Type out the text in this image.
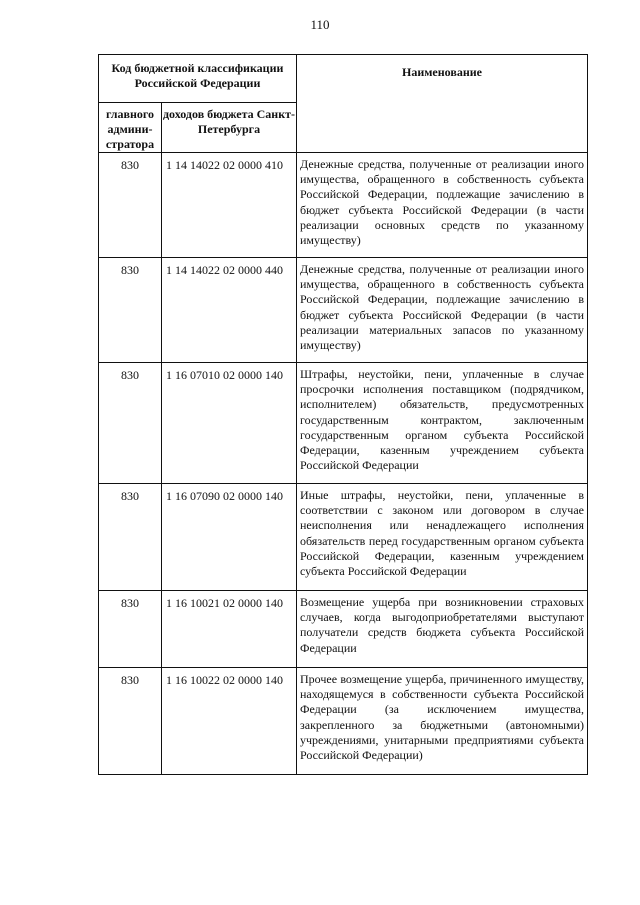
110
Код бюджетной классификации Российской Федерации		Наименование
главного админи-стратора	доходов бюджета Санкт-Петербурга	
830	1 14 14022 02 0000 410	Денежные средства, полученные от реализации иного имущества, обращенного в собственность субъекта Российской Федерации, подлежащие зачислению в бюджет субъекта Российской Федерации (в части реализации основных средств по указанному имуществу)
830	1 14 14022 02 0000 440	Денежные средства, полученные от реализации иного имущества, обращенного в собственность субъекта Российской Федерации, подлежащие зачислению в бюджет субъекта Российской Федерации (в части реализации материальных запасов по указанному имуществу)
830	1 16 07010 02 0000 140	Штрафы, неустойки, пени, уплаченные в случае просрочки исполнения поставщиком (подрядчиком, исполнителем) обязательств, предусмотренных государственным контрактом, заключенным государственным органом субъекта Российской Федерации, казенным учреждением субъекта Российской Федерации
830	1 16 07090 02 0000 140	Иные штрафы, неустойки, пени, уплаченные в соответствии с законом или договором в случае неисполнения или ненадлежащего исполнения обязательств перед государственным органом субъекта Российской Федерации, казенным учреждением субъекта Российской Федерации
830	1 16 10021 02 0000 140	Возмещение ущерба при возникновении страховых случаев, когда выгодоприобретателями выступают получатели средств бюджета субъекта Российской Федерации
830	1 16 10022 02 0000 140	Прочее возмещение ущерба, причиненного имуществу, находящемуся в собственности субъекта Российской Федерации (за исключением имущества, закрепленного за бюджетными (автономными) учреждениями, унитарными предприятиями субъекта Российской Федерации)
